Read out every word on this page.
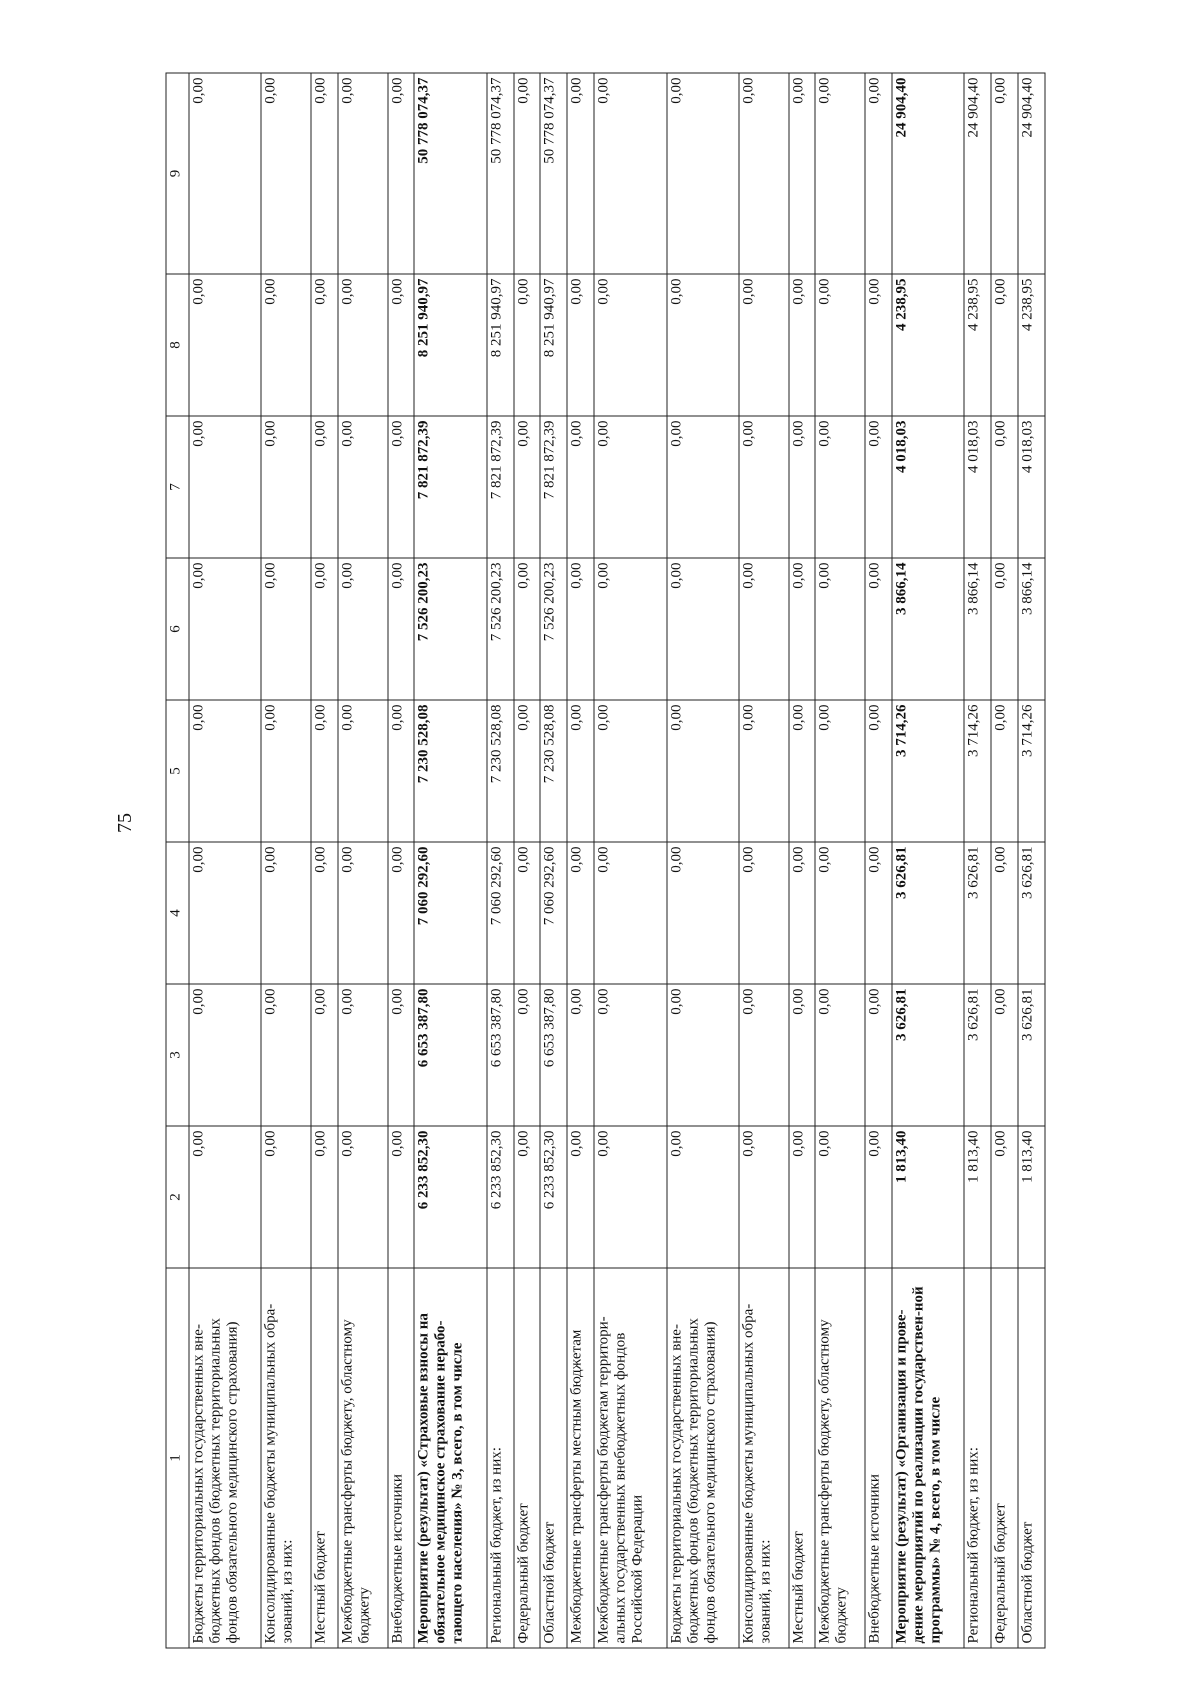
75
1	2	3	4	5	6	7	8	9
Бюджеты территориальных государственных вне-бюджетных фондов (бюджетных территориальных фондов обязательного медицинского страхования)	0,00	0,00	0,00	0,00	0,00	0,00	0,00	0,00
Консолидированные бюджеты муниципальных обра-зований, из них:	0,00	0,00	0,00	0,00	0,00	0,00	0,00	0,00
Местный бюджет	0,00	0,00	0,00	0,00	0,00	0,00	0,00	0,00
Межбюджетные трансферты бюджету, областному бюджету	0,00	0,00	0,00	0,00	0,00	0,00	0,00	0,00
Внебюджетные источники	0,00	0,00	0,00	0,00	0,00	0,00	0,00	0,00
Мероприятие (результат) «Страховые взносы на обязательное медицинское страхование нерабо-тающего населения» № 3, всего, в том числе	6 233 852,30	6 653 387,80	7 060 292,60	7 230 528,08	7 526 200,23	7 821 872,39	8 251 940,97	50 778 074,37
Региональный бюджет, из них:	6 233 852,30	6 653 387,80	7 060 292,60	7 230 528,08	7 526 200,23	7 821 872,39	8 251 940,97	50 778 074,37
Федеральный бюджет	0,00	0,00	0,00	0,00	0,00	0,00	0,00	0,00
Областной бюджет	6 233 852,30	6 653 387,80	7 060 292,60	7 230 528,08	7 526 200,23	7 821 872,39	8 251 940,97	50 778 074,37
Межбюджетные трансферты местным бюджетам	0,00	0,00	0,00	0,00	0,00	0,00	0,00	0,00
Межбюджетные трансферты бюджетам территори-альных государственных внебюджетных фондов Российской Федерации	0,00	0,00	0,00	0,00	0,00	0,00	0,00	0,00
Бюджеты территориальных государственных вне-бюджетных фондов (бюджетных территориальных фондов обязательного медицинского страхования)	0,00	0,00	0,00	0,00	0,00	0,00	0,00	0,00
Консолидированные бюджеты муниципальных обра-зований, из них:	0,00	0,00	0,00	0,00	0,00	0,00	0,00	0,00
Местный бюджет	0,00	0,00	0,00	0,00	0,00	0,00	0,00	0,00
Межбюджетные трансферты бюджету, областному бюджету	0,00	0,00	0,00	0,00	0,00	0,00	0,00	0,00
Внебюджетные источники	0,00	0,00	0,00	0,00	0,00	0,00	0,00	0,00
Мероприятие (результат) «Организация и прове-дение мероприятий по реализации государствен-ной программы» № 4, всего, в том числе	1 813,40	3 626,81	3 626,81	3 714,26	3 866,14	4 018,03	4 238,95	24 904,40
Региональный бюджет, из них:	1 813,40	3 626,81	3 626,81	3 714,26	3 866,14	4 018,03	4 238,95	24 904,40
Федеральный бюджет	0,00	0,00	0,00	0,00	0,00	0,00	0,00	0,00
Областной бюджет	1 813,40	3 626,81	3 626,81	3 714,26	3 866,14	4 018,03	4 238,95	24 904,40
